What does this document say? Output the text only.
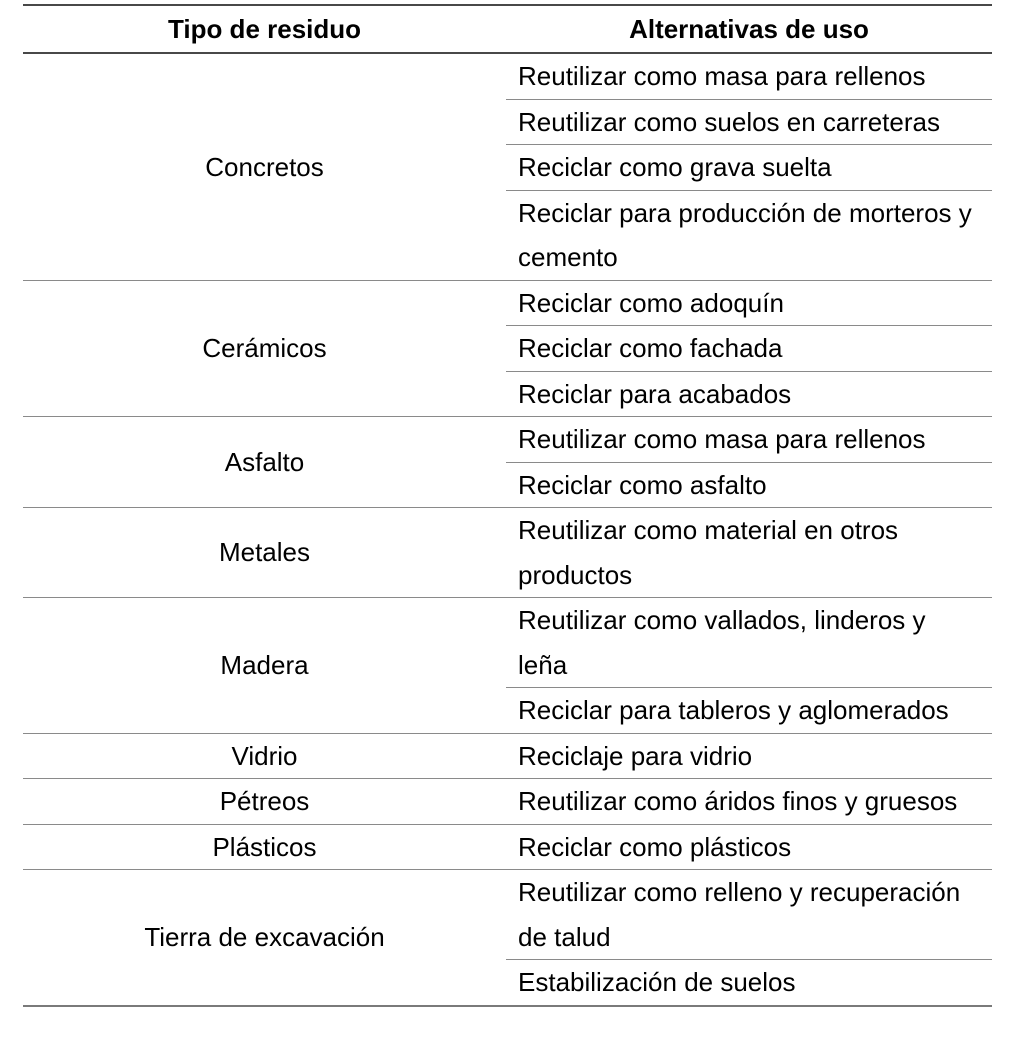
Tipo de residuo	Alternativas de uso
Concretos	Reutilizar como masa para rellenos
	Reutilizar como suelos en carreteras
	Reciclar como grava suelta
	Reciclar para producción de morteros y cemento
Cerámicos	Reciclar como adoquín
	Reciclar como fachada
	Reciclar para acabados
Asfalto	Reutilizar como masa para rellenos
	Reciclar como asfalto
Metales	Reutilizar como material en otros productos
Madera	Reutilizar como vallados, linderos y leña
	Reciclar para tableros y aglomerados
Vidrio	Reciclaje para vidrio
Pétreos	Reutilizar como áridos finos y gruesos
Plásticos	Reciclar como plásticos
Tierra de excavación	Reutilizar como relleno y recuperación de talud
	Estabilización de suelos
